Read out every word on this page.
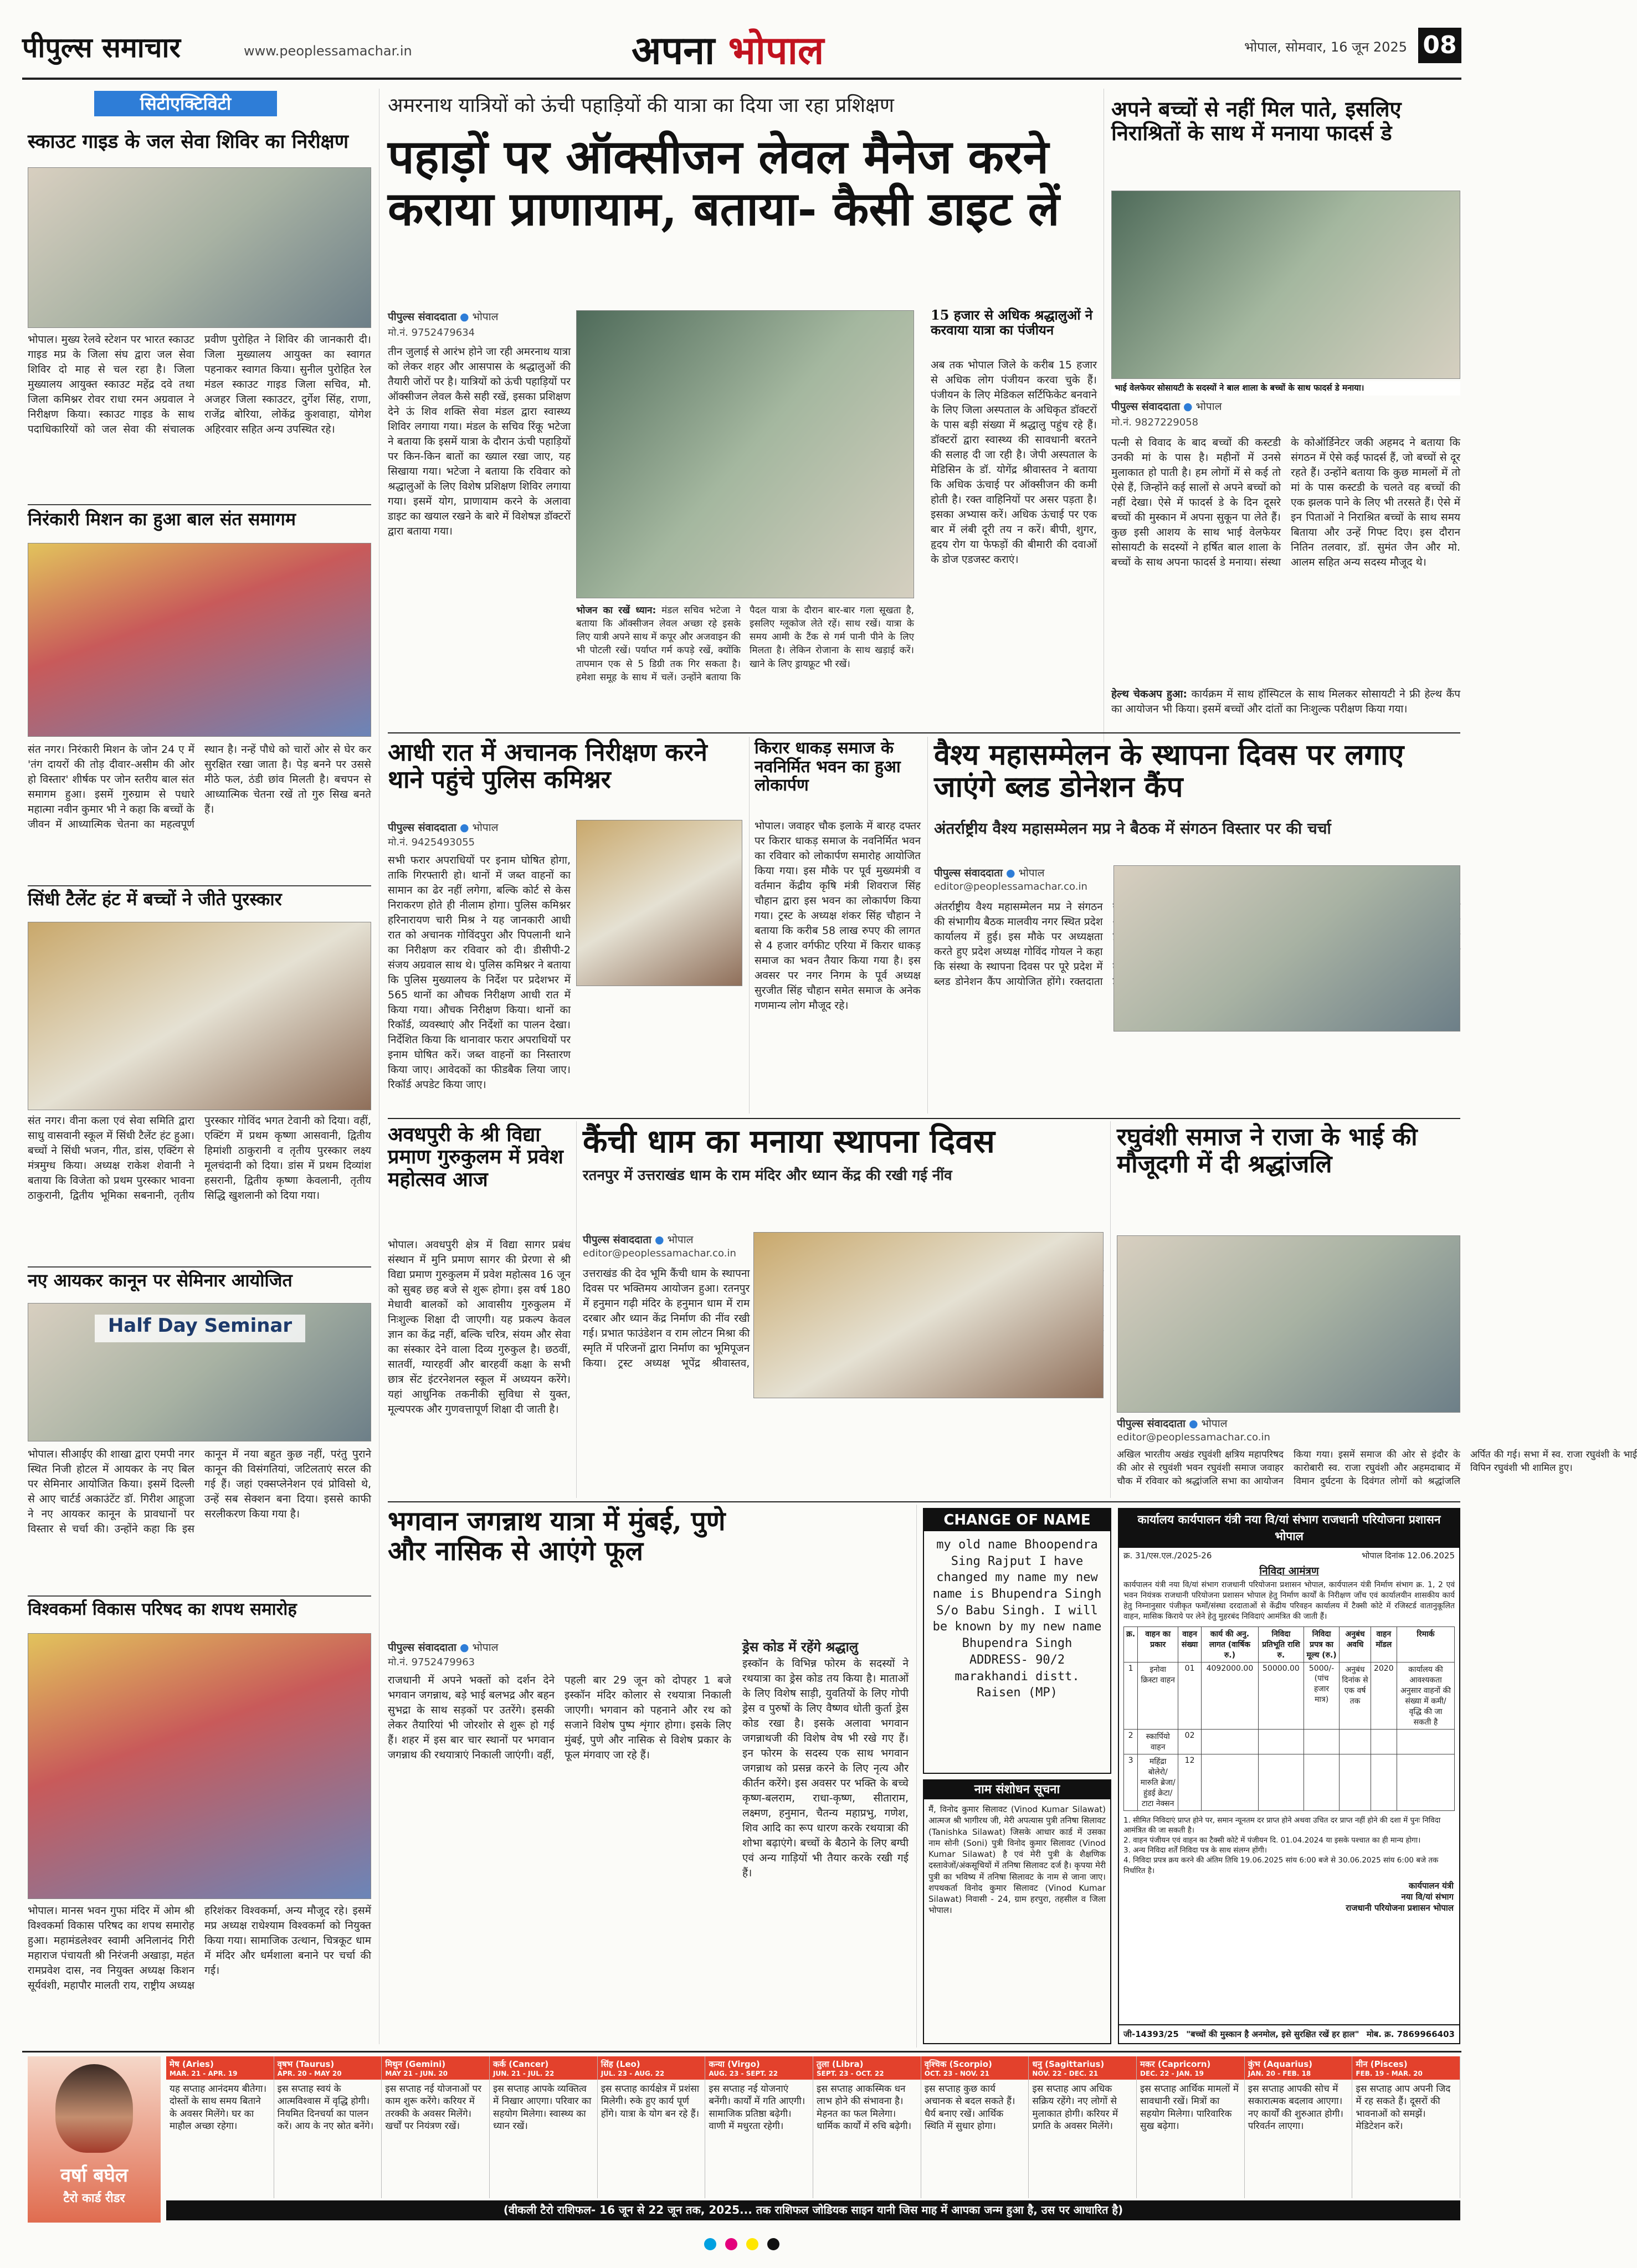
पीपुल्स समाचार	www.peoplessamachar.in	अपना भोपाल	भोपाल, सोमवार, 16 जून 2025 08
सिटीएक्टिविटी
स्काउट गाइड के जल सेवा शिविर का निरीक्षण
भोपाल। मुख्य रेलवे स्टेशन पर भारत स्काउट गाइड मप्र के जिला संघ द्वारा जल सेवा शिविर दो माह से चल रहा है। जिला मुख्यालय आयुक्त स्काउट महेंद्र दवे तथा जिला कमिश्नर रोवर राधा रमन अग्रवाल ने निरीक्षण किया। स्काउट गाइड के साथ पदाधिकारियों को जल सेवा की संचालक प्रवीण पुरोहित ने शिविर की जानकारी दी। जिला मुख्यालय आयुक्त का स्वागत पहनाकर स्वागत किया। सुनील पुरोहित रेल मंडल स्काउट गाइड जिला सचिव, मौ. अजहर जिला स्काउटर, दुर्गेश सिंह, राणा, राजेंद्र बोरिया, लोकेंद्र कुशवाहा, योगेश अहिरवार सहित अन्य उपस्थित रहे।
निरंकारी मिशन का हुआ बाल संत समागम
संत नगर। निरंकारी मिशन के जोन 24 ए में 'तंग दायरों की तोड़ दीवार-असीम की ओर हो विस्तार' शीर्षक पर जोन स्तरीय बाल संत समागम हुआ। इसमें गुरुग्राम से पधारे महात्मा नवीन कुमार भी ने कहा कि बच्चों के जीवन में आध्यात्मिक चेतना का महत्वपूर्ण स्थान है। नन्हें पौधे को चारों ओर से घेर कर सुरक्षित रखा जाता है। पेड़ बनने पर उससे मीठे फल, ठंडी छांव मिलती है। बचपन से आध्यात्मिक चेतना रखें तो गुरु सिख बनते हैं।
सिंधी टैलेंट हंट में बच्चों ने जीते पुरस्कार
संत नगर। वीना कला एवं सेवा समिति द्वारा साधु वासवानी स्कूल में सिंधी टैलेंट हंट हुआ। बच्चों ने सिंधी भजन, गीत, डांस, एक्टिंग से मंत्रमुग्ध किया। अध्यक्ष राकेश शेवानी ने बताया कि विजेता को प्रथम पुरस्कार भावना ठाकुरानी, द्वितीय भूमिका सबनानी, तृतीय पुरस्कार गोविंद भगत टेवानी को दिया। वहीं, एक्टिंग में प्रथम कृष्णा आसवानी, द्वितीय हिमांशी ठाकुरानी व तृतीय पुरस्कार लक्ष्य मूलचंदानी को दिया। डांस में प्रथम दिव्यांश हसरानी, द्वितीय कृष्णा केवलानी, तृतीय सिद्धि खुशलानी को दिया गया।
नए आयकर कानून पर सेमिनार आयोजित
Half Day Seminar
भोपाल। सीआईए की शाखा द्वारा एमपी नगर स्थित निजी होटल में आयकर के नए बिल पर सेमिनार आयोजित किया। इसमें दिल्ली से आए चार्टर्ड अकाउंटेंट डॉ. गिरीश आहूजा ने नए आयकर कानून के प्रावधानों पर विस्तार से चर्चा की। उन्होंने कहा कि इस कानून में नया बहुत कुछ नहीं, परंतु पुराने कानून की विसंगतियां, जटिलताएं सरल की गई हैं। जहां एक्सप्लेनेशन एवं प्रोविसो थे, उन्हें सब सेक्शन बना दिया। इससे काफी सरलीकरण किया गया है।
विश्वकर्मा विकास परिषद का शपथ समारोह
भोपाल। मानस भवन गुफा मंदिर में ओम श्री विश्वकर्मा विकास परिषद का शपथ समारोह हुआ। महामंडलेश्वर स्वामी अनिलानंद गिरी महाराज पंचायती श्री निरंजनी अखाड़ा, महंत रामप्रवेश दास, नव नियुक्त अध्यक्ष किशन सूर्यवंशी, महापौर मालती राय, राष्ट्रीय अध्यक्ष हरिशंकर विश्वकर्मा, अन्य मौजूद रहे। इसमें मप्र अध्यक्ष राधेश्याम विश्वकर्मा को नियुक्त किया गया। सामाजिक उत्थान, चित्रकूट धाम में मंदिर और धर्मशाला बनाने पर चर्चा की गई।
अमरनाथ यात्रियों को ऊंची पहाड़ियों की यात्रा का दिया जा रहा प्रशिक्षण
पहाड़ों पर ऑक्सीजन लेवल मैनेज करने कराया प्राणायाम, बताया- कैसी डाइट लें
पीपुल्स संवाददाता ● भोपाल
मो.नं. 9752479634
तीन जुलाई से आरंभ होने जा रही अमरनाथ यात्रा को लेकर शहर और आसपास के श्रद्धालुओं की तैयारी जोरों पर है। यात्रियों को ऊंची पहाड़ियों पर ऑक्सीजन लेवल कैसे सही रखें, इसका प्रशिक्षण देने ऊं शिव शक्ति सेवा मंडल द्वारा स्वास्थ्य शिविर लगाया गया। मंडल के सचिव रिंकू भटेजा ने बताया कि इसमें यात्रा के दौरान ऊंची पहाड़ियों पर किन-किन बातों का ख्याल रखा जाए, यह सिखाया गया। भटेजा ने बताया कि रविवार को श्रद्धालुओं के लिए विशेष प्रशिक्षण शिविर लगाया गया। इसमें योग, प्राणायाम करने के अलावा डाइट का खयाल रखने के बारे में विशेषज्ञ डॉक्टरों द्वारा बताया गया।
भोजन का रखें ध्यान: मंडल सचिव भटेजा ने बताया कि ऑक्सीजन लेवल अच्छा रहे इसके लिए यात्री अपने साथ में कपूर और अजवाइन की भी पोटली रखें। पर्याप्त गर्म कपड़े रखें, क्योंकि तापमान एक से 5 डिग्री तक गिर सकता है। हमेशा समूह के साथ में चलें। उन्होंने बताया कि पैदल यात्रा के दौरान बार-बार गला सूखता है, इसलिए ग्लूकोज लेते रहें। साथ रखें। यात्रा के समय आमी के टैंक से गर्म पानी पीने के लिए मिलता है। लेकिन रोजाना के साथ खड़ाई करें। खाने के लिए ड्रायफ्रूट भी रखें।
15 हजार से अधिक श्रद्धालुओं ने करवाया यात्रा का पंजीयन
अब तक भोपाल जिले के करीब 15 हजार से अधिक लोग पंजीयन करवा चुके हैं। पंजीयन के लिए मेडिकल सर्टिफिकेट बनवाने के लिए जिला अस्पताल के अधिकृत डॉक्टरों के पास बड़ी संख्या में श्रद्धालु पहुंच रहे हैं। डॉक्टरों द्वारा स्वास्थ्य की सावधानी बरतने की सलाह दी जा रही है। जेपी अस्पताल के मेडिसिन के डॉ. योगेंद्र श्रीवास्तव ने बताया कि अधिक ऊंचाई पर ऑक्सीजन की कमी होती है। रक्त वाहिनियों पर असर पड़ता है। इसका अभ्यास करें। अधिक ऊंचाई पर एक बार में लंबी दूरी तय न करें। बीपी, शुगर, हृदय रोग या फेफड़ों की बीमारी की दवाओं के डोज एडजस्ट कराएं।
अपने बच्चों से नहीं मिल पाते, इसलिए निराश्रितों के साथ में मनाया फादर्स डे
भाई वेलफेयर सोसायटी के सदस्यों ने बाल शाला के बच्चों के साथ फादर्स डे मनाया।
पीपुल्स संवाददाता ● भोपाल
मो.नं. 9827229058
पत्नी से विवाद के बाद बच्चों की कस्टडी उनकी मां के पास है। महीनों में उनसे मुलाकात हो पाती है। हम लोगों में से कई तो ऐसे हैं, जिन्होंने कई सालों से अपने बच्चों को नहीं देखा। ऐसे में फादर्स डे के दिन दूसरे बच्चों की मुस्कान में अपना सुकून पा लेते हैं। कुछ इसी आशय के साथ भाई वेलफेयर सोसायटी के सदस्यों ने हर्षित बाल शाला के बच्चों के साथ अपना फादर्स डे मनाया। संस्था के कोऑर्डिनेटर जकी अहमद ने बताया कि संगठन में ऐसे कई फादर्स हैं, जो बच्चों से दूर रहते हैं। उन्होंने बताया कि कुछ मामलों में तो मां के पास कस्टडी के चलते वह बच्चों की एक झलक पाने के लिए भी तरसते हैं। ऐसे में इन पिताओं ने निराश्रित बच्चों के साथ समय बिताया और उन्हें गिफ्ट दिए। इस दौरान नितिन तलवार, डॉ. सुमंत जैन और मो. आलम सहित अन्य सदस्य मौजूद थे।
हेल्थ चेकअप हुआ: कार्यक्रम में साथ हॉस्पिटल के साथ मिलकर सोसायटी ने फ्री हेल्थ कैंप का आयोजन भी किया। इसमें बच्चों और दांतों का निःशुल्क परीक्षण किया गया।
आधी रात में अचानक निरीक्षण करने थाने पहुंचे पुलिस कमिश्नर
पीपुल्स संवाददाता ● भोपाल
मो.नं. 9425493055
सभी फरार अपराधियों पर इनाम घोषित होगा, ताकि गिरफ्तारी हो। थानों में जब्त वाहनों का सामान का ढेर नहीं लगेगा, बल्कि कोर्ट से केस निराकरण होते ही नीलाम होगा। पुलिस कमिश्नर हरिनारायण चारी मिश्र ने यह जानकारी आधी रात को अचानक गोविंदपुरा और पिपलानी थाने का निरीक्षण कर रविवार को दी। डीसीपी-2 संजय अग्रवाल साथ थे। पुलिस कमिश्नर ने बताया कि पुलिस मुख्यालय के निर्देश पर प्रदेशभर में 565 थानों का औचक निरीक्षण आधी रात में किया गया। औचक निरीक्षण किया। थानों का रिकॉर्ड, व्यवस्थाएं और निर्देशों का पालन देखा। निर्देशित किया कि थानावार फरार अपराधियों पर इनाम घोषित करें। जब्त वाहनों का निस्तारण किया जाए। आवेदकों का फीडबैक लिया जाए। रिकॉर्ड अपडेट किया जाए।
किरार धाकड़ समाज के नवनिर्मित भवन का हुआ लोकार्पण
भोपाल। जवाहर चौक इलाके में बारह दफ्तर पर किरार धाकड़ समाज के नवनिर्मित भवन का रविवार को लोकार्पण समारोह आयोजित किया गया। इस मौके पर पूर्व मुख्यमंत्री व वर्तमान केंद्रीय कृषि मंत्री शिवराज सिंह चौहान द्वारा इस भवन का लोकार्पण किया गया। ट्रस्ट के अध्यक्ष शंकर सिंह चौहान ने बताया कि करीब 58 लाख रुपए की लागत से 4 हजार वर्गफीट एरिया में किरार धाकड़ समाज का भवन तैयार किया गया है। इस अवसर पर नगर निगम के पूर्व अध्यक्ष सुरजीत सिंह चौहान समेत समाज के अनेक गणमान्य लोग मौजूद रहे।
वैश्य महासम्मेलन के स्थापना दिवस पर लगाए जाएंगे ब्लड डोनेशन कैंप
अंतर्राष्ट्रीय वैश्य महासम्मेलन मप्र ने बैठक में संगठन विस्तार पर की चर्चा
पीपुल्स संवाददाता ● भोपाल
editor@peoplessamachar.co.in
अंतर्राष्ट्रीय वैश्य महासम्मेलन मप्र ने संगठन की संभागीय बैठक मालवीय नगर स्थित प्रदेश कार्यालय में हुई। इस मौके पर अध्यक्षता करते हुए प्रदेश अध्यक्ष गोविंद गोयल ने कहा कि संस्था के स्थापना दिवस पर पूरे प्रदेश में ब्लड डोनेशन कैंप आयोजित होंगे। रक्तदाता
अवधपुरी के श्री विद्या प्रमाण गुरुकुलम में प्रवेश महोत्सव आज
भोपाल। अवधपुरी क्षेत्र में विद्या सागर प्रबंध संस्थान में मुनि प्रमाण सागर की प्रेरणा से श्री विद्या प्रमाण गुरुकुलम में प्रवेश महोत्सव 16 जून को सुबह छह बजे से शुरू होगा। इस वर्ष 180 मेधावी बालकों को आवासीय गुरुकुलम में निःशुल्क शिक्षा दी जाएगी। यह प्रकल्प केवल ज्ञान का केंद्र नहीं, बल्कि चरित्र, संयम और सेवा का संस्कार देने वाला दिव्य गुरुकुल है। छठवीं, सातवीं, ग्यारहवीं और बारहवीं कक्षा के सभी छात्र सेंट इंटरनेशनल स्कूल में अध्ययन करेंगे। यहां आधुनिक तकनीकी सुविधा से युक्त, मूल्यपरक और गुणवत्तापूर्ण शिक्षा दी जाती है।
कैंची धाम का मनाया स्थापना दिवस
रतनपुर में उत्तराखंड धाम के राम मंदिर और ध्यान केंद्र की रखी गई नींव
पीपुल्स संवाददाता ● भोपाल
editor@peoplessamachar.co.in
उत्तराखंड की देव भूमि कैंची धाम के स्थापना दिवस पर भक्तिमय आयोजन हुआ। रतनपुर में हनुमान गढ़ी मंदिर के हनुमान धाम में राम दरबार और ध्यान केंद्र निर्माण की नींव रखी गई। प्रभात फाउंडेशन व राम लोटन मिश्रा की स्मृति में परिजनों द्वारा निर्माण का भूमिपूजन किया। ट्रस्ट अध्यक्ष भूपेंद्र श्रीवास्तव,
रघुवंशी समाज ने राजा के भाई की मौजूदगी में दी श्रद्धांजलि
पीपुल्स संवाददाता ● भोपाल
editor@peoplessamachar.co.in
अखिल भारतीय अखंड रघुवंशी क्षत्रिय महापरिषद की ओर से रघुवंशी भवन रघुवंशी समाज जवाहर चौक में रविवार को श्रद्धांजलि सभा का आयोजन किया गया। इसमें समाज की ओर से इंदौर के कारोबारी स्व. राजा रघुवंशी और अहमदाबाद में विमान दुर्घटना के दिवंगत लोगों को श्रद्धांजलि अर्पित की गई। सभा में स्व. राजा रघुवंशी के भाई विपिन रघुवंशी भी शामिल हुए।
भगवान जगन्नाथ यात्रा में मुंबई, पुणे और नासिक से आएंगे फूल
पीपुल्स संवाददाता ● भोपाल
मो.नं. 9752479963
राजधानी में अपने भक्तों को दर्शन देने भगवान जगन्नाथ, बड़े भाई बलभद्र और बहन सुभद्रा के साथ सड़कों पर उतरेंगे। इसकी लेकर तैयारियां भी जोरशोर से शुरू हो गई हैं। शहर में इस बार चार स्थानों पर भगवान जगन्नाथ की रथयात्राएं निकाली जाएंगी। वहीं, पहली बार 29 जून को दोपहर 1 बजे इस्कॉन मंदिर कोलार से रथयात्रा निकाली जाएगी। भगवान को पहनाने और रथ को सजाने विशेष पुष्प शृंगार होगा। इसके लिए मुंबई, पुणे और नासिक से विशेष प्रकार के फूल मंगवाए जा रहे हैं।
ड्रेस कोड में रहेंगे श्रद्धालु
इस्कॉन के विभिन्न फोरम के सदस्यों ने रथयात्रा का ड्रेस कोड तय किया है। माताओं के लिए विशेष साड़ी, युवतियों के लिए गोपी ड्रेस व पुरुषों के लिए वैष्णव धोती कुर्ता ड्रेस कोड रखा है। इसके अलावा भगवान जगन्नाथजी की विशेष वेष भी रखे गए हैं। इन फोरम के सदस्य एक साथ भगवान जगन्नाथ को प्रसन्न करने के लिए नृत्य और कीर्तन करेंगे। इस अवसर पर भक्ति के बच्चे कृष्ण-बलराम, राधा-कृष्ण, सीताराम, लक्ष्मण, हनुमान, चैतन्य महाप्रभु, गणेश, शिव आदि का रूप धारण करके रथयात्रा की शोभा बढ़ाएंगे। बच्चों के बैठाने के लिए बग्घी एवं अन्य गाड़ियों भी तैयार करके रखी गई हैं।
CHANGE OF NAME
my old name Bhoopendra Sing Rajput I have changed my name my new name is Bhupendra Singh S/o Babu Singh. I will be known by my new name Bhupendra Singh ADDRESS- 90/2 marakhandi distt. Raisen (MP)
नाम संशोधन सूचना
मैं, विनोद कुमार सिलावट (Vinod Kumar Silawat) आत्मज श्री भागीरथ जी, मेरी अपत्यास पुत्री तनिषा सिलावट (Tanishka Silawat) जिसके आधार कार्ड में उसका नाम सोनी (Soni) पुत्री विनोद कुमार सिलावट (Vinod Kumar Silawat) है एवं मेरी पुत्री के शैक्षणिक दस्तावेजों/अंकसूचियों में तनिषा सिलावट दर्ज है। कृपया मेरी पुत्री का भविष्य में तनिषा सिलावट के नाम से जाना जाए। शपथकर्ता विनोद कुमार सिलावट (Vinod Kumar Silawat) निवासी - 24, ग्राम हरपुरा, तहसील व जिला भोपाल।
कार्यालय कार्यपालन यंत्री नया वि/यां संभाग राजधानी परियोजना प्रशासन भोपाल
क्र. 31/एस.एल./2025-26	भोपाल दिनांक 12.06.2025
निविदा आमंत्रण
कार्यपालन यंत्री नया वि/यां संभाग राजधानी परियोजना प्रशासन भोपाल, कार्यपालन यंत्री निर्माण संभाग क्र. 1, 2 एवं भवन नियंत्रक राजधानी परियोजना प्रशासन भोपाल हेतु निर्माण कार्यों के निरीक्षण जाँच एवं कार्यालयीन शासकीय कार्य हेतु निम्नानुसार पंजीकृत फर्मों/संस्था दरदाताओं से केंद्रीय परिवहन कार्यालय में टैक्सी कोटे में रजिस्टर्ड वातानुकूलित वाहन, मासिक किराये पर लेने हेतु मुहरबंद निविदाएं आमंत्रित की जाती हैं।
क्र.	वाहन का प्रकार	वाहन संख्या	कार्य की अनु. लागत (वार्षिक रु.)	निविदा प्रतिभूति राशि रु.	निविदा प्रपत्र का मूल्य (रु.)	अनुबंध अवधि	वाहन मॉडल	रिमार्क
1	इनोवा क्रिस्टा वाहन	01	4092000.00	50000.00	5000/- (पांच हजार मात्र)	अनुबंध दिनांक से एक वर्ष तक	2020	कार्यालय की आवश्यकता अनुसार वाहनों की संख्या में कमी/वृद्धि की जा सकती है
2	स्कार्पियो वाहन	02						
3	महिंद्रा बोलेरो/मारुति ब्रेजा/हुंडई क्रेटा/टाटा नेक्सन	12						
1. सीमित निविदाएं प्राप्त होने पर, समान न्यूनतम दर प्राप्त होने अथवा उचित दर प्राप्त नहीं होने की दशा में पुनः निविदा आमंत्रित की जा सकती है।
2. वाहन पंजीयन एवं वाहन का टैक्सी कोटे में पंजीयन दि. 01.04.2024 या इसके पश्चात का ही मान्य होगा।
3. अन्य निविदा शर्तें निविदा पत्र के साथ संलग्न होंगी।
4. निविदा प्रपत्र क्रय करने की अंतिम तिथि 19.06.2025 सांय 6:00 बजे से 30.06.2025 सांय 6:00 बजे तक निर्धारित है।
कार्यपालन यंत्री
नया वि/यां संभाग
राजधानी परियोजना प्रशासन भोपाल
जी-14393/25 "बच्चों की मुस्कान है अनमोल, इसे सुरक्षित रखें हर हाल" मोब. क्र. 7869966403
वर्षा बघेल
टैरो कार्ड रीडर
मेष (Aries)
MAR. 21 - APR. 19
यह सप्ताह आनंदमय बीतेगा। दोस्तों के साथ समय बिताने के अवसर मिलेंगे। घर का माहौल अच्छा रहेगा।
वृषभ (Taurus)
APR. 20 - MAY 20
इस सप्ताह स्वयं के आत्मविश्वास में वृद्धि होगी। नियमित दिनचर्या का पालन करें। आय के नए स्रोत बनेंगे।
मिथुन (Gemini)
MAY 21 - JUN. 20
इस सप्ताह नई योजनाओं पर काम शुरू करेंगे। करियर में तरक्की के अवसर मिलेंगे। खर्चों पर नियंत्रण रखें।
कर्क (Cancer)
JUN. 21 - JUL. 22
इस सप्ताह आपके व्यक्तित्व में निखार आएगा। परिवार का सहयोग मिलेगा। स्वास्थ्य का ध्यान रखें।
सिंह (Leo)
JUL. 23 - AUG. 22
इस सप्ताह कार्यक्षेत्र में प्रशंसा मिलेगी। रुके हुए कार्य पूर्ण होंगे। यात्रा के योग बन रहे हैं।
कन्या (Virgo)
AUG. 23 - SEPT. 22
इस सप्ताह नई योजनाएं बनेंगी। कार्यों में गति आएगी। सामाजिक प्रतिष्ठा बढ़ेगी। वाणी में मधुरता रहेगी।
तुला (Libra)
SEPT. 23 - OCT. 22
इस सप्ताह आकस्मिक धन लाभ होने की संभावना है। मेहनत का फल मिलेगा। धार्मिक कार्यों में रुचि बढ़ेगी।
वृश्चिक (Scorpio)
OCT. 23 - NOV. 21
इस सप्ताह कुछ कार्य अचानक से बदल सकते हैं। धैर्य बनाए रखें। आर्थिक स्थिति में सुधार होगा।
धनु (Sagittarius)
NOV. 22 - DEC. 21
इस सप्ताह आप अधिक सक्रिय रहेंगे। नए लोगों से मुलाकात होगी। करियर में प्रगति के अवसर मिलेंगे।
मकर (Capricorn)
DEC. 22 - JAN. 19
इस सप्ताह आर्थिक मामलों में सावधानी रखें। मित्रों का सहयोग मिलेगा। पारिवारिक सुख बढ़ेगा।
कुंभ (Aquarius)
JAN. 20 - FEB. 18
इस सप्ताह आपकी सोच में सकारात्मक बदलाव आएगा। नए कार्यों की शुरुआत होगी। परिवर्तन लाएगा।
मीन (Pisces)
FEB. 19 - MAR. 20
इस सप्ताह आप अपनी जिद में रह सकते हैं। दूसरों की भावनाओं को समझें। मेडिटेशन करें।
(वीकली टैरो राशिफल- 16 जून से 22 जून तक, 2025... तक राशिफल जोडियक साइन यानी जिस माह में आपका जन्म हुआ है, उस पर आधारित है)
